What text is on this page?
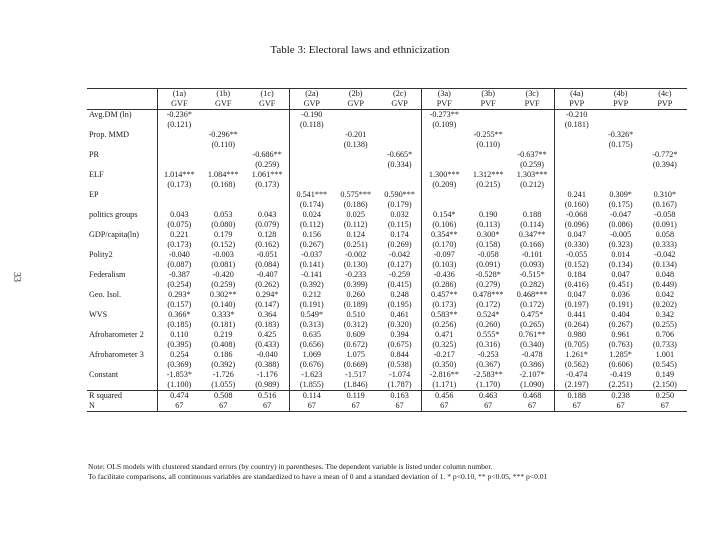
33
Table 3: Electoral laws and ethnicization
	(1a)	(1b)	(1c)	(2a)	(2b)	(2c)	(3a)	(3b)	(3c)	(4a)	(4b)	(4c)
	GVF	GVF	GVF	GVP	GVP	GVP	PVF	PVF	PVF	PVP	PVP	PVP
Avg.DM (ln)	-0.236*			-0.190			-0.273**			-0.210		
	(0.121)			(0.118)			(0.109)			(0.181)		
Prop. MMD		-0.296**			-0.201			-0.255**			-0.326*	
		(0.110)			(0.138)			(0.110)			(0.175)	
PR			-0.686**			-0.665*			-0.637**			-0.772*
			(0.259)			(0.334)			(0.259)			(0.394)
ELF	1.014***	1.084***	1.061***				1.300***	1.312***	1.303***			
	(0.173)	(0.168)	(0.173)				(0.209)	(0.215)	(0.212)			
EP				0.541***	0.575***	0.590***				0.241	0.309*	0.310*
				(0.174)	(0.186)	(0.179)				(0.160)	(0.175)	(0.167)
politics groups	0.043	0.053	0.043	0.024	0.025	0.032	0.154*	0.190	0.188	-0.068	-0.047	-0.058
	(0.075)	(0.080)	(0.079)	(0.112)	(0.112)	(0.115)	(0.106)	(0.113)	(0.114)	(0.096)	(0.086)	(0.091)
GDP/capita(ln)	0.221	0.179	0.128	0.156	0.124	0.174	0.354**	0.300*	0.347**	0.047	-0.005	0.058
	(0.173)	(0.152)	(0.162)	(0.267)	(0.251)	(0.269)	(0.170)	(0.158)	(0.166)	(0.330)	(0.323)	(0.333)
Polity2	-0.040	-0.003	-0.051	-0.037	-0.002	-0.042	-0.097	-0.058	-0.101	-0.055	0.014	-0.042
	(0.087)	(0.081)	(0.084)	(0.141)	(0.130)	(0.127)	(0.103)	(0.091)	(0.093)	(0.152)	(0.134)	(0.134)
Federalism	-0.387	-0.420	-0.407	-0.141	-0.233	-0.259	-0.436	-0.528*	-0.515*	0.184	0.047	0.048
	(0.254)	(0.259)	(0.262)	(0.392)	(0.399)	(0.415)	(0.286)	(0.279)	(0.282)	(0.416)	(0.451)	(0.449)
Geo. Isol.	0.293*	0.302**	0.294*	0.212	0.260	0.248	0.457**	0.478***	0.468***	0.047	0.036	0.042
	(0.157)	(0.140)	(0.147)	(0.191)	(0.189)	(0.195)	(0.173)	(0.172)	(0.172)	(0.197)	(0.191)	(0.202)
WVS	0.366*	0.333*	0.364	0.549*	0.510	0.461	0.583**	0.524*	0.475*	0.441	0.404	0.342
	(0.185)	(0.181)	(0.183)	(0.313)	(0.312)	(0.320)	(0.256)	(0.260)	(0.265)	(0.264)	(0.267)	(0.255)
Afrobarometer 2	0.110	0.219	0.425	0.635	0.609	0.394	0.471	0.555*	0.761**	0.980	0.961	0.706
	(0.395)	(0.408)	(0.433)	(0.656)	(0.672)	(0.675)	(0.325)	(0.316)	(0.340)	(0.705)	(0.763)	(0.733)
Afrobarometer 3	0.254	0.186	-0.040	1.069	1.075	0.844	-0.217	-0.253	-0.478	1.261*	1.285*	1.001
	(0.369)	(0.392)	(0.388)	(0.676)	(0.669)	(0.538)	(0.350)	(0.367)	(0.386)	(0.562)	(0.606)	(0.545)
Constant	-1.853*	-1.726	-1.176	-1.623	-1.517	-1.074	-2.816**	-2.583**	-2.107*	-0.474	-0.419	0.149
	(1.100)	(1.055)	(0.989)	(1.855)	(1.846)	(1.787)	(1.171)	(1.170)	(1.090)	(2.197)	(2.251)	(2.150)
R squared	0.474	0.508	0.516	0.114	0.119	0.163	0.456	0.463	0.468	0.188	0.238	0.250
N	67	67	67	67	67	67	67	67	67	67	67	67
Note: OLS models with clustered standard errors (by country) in parentheses. The dependent variable is listed under column number.
To facilitate comparisons, all continuous variables are standardized to have a mean of 0 and a standard deviation of 1. * p<0.10, ** p<0.05, *** p<0.01
